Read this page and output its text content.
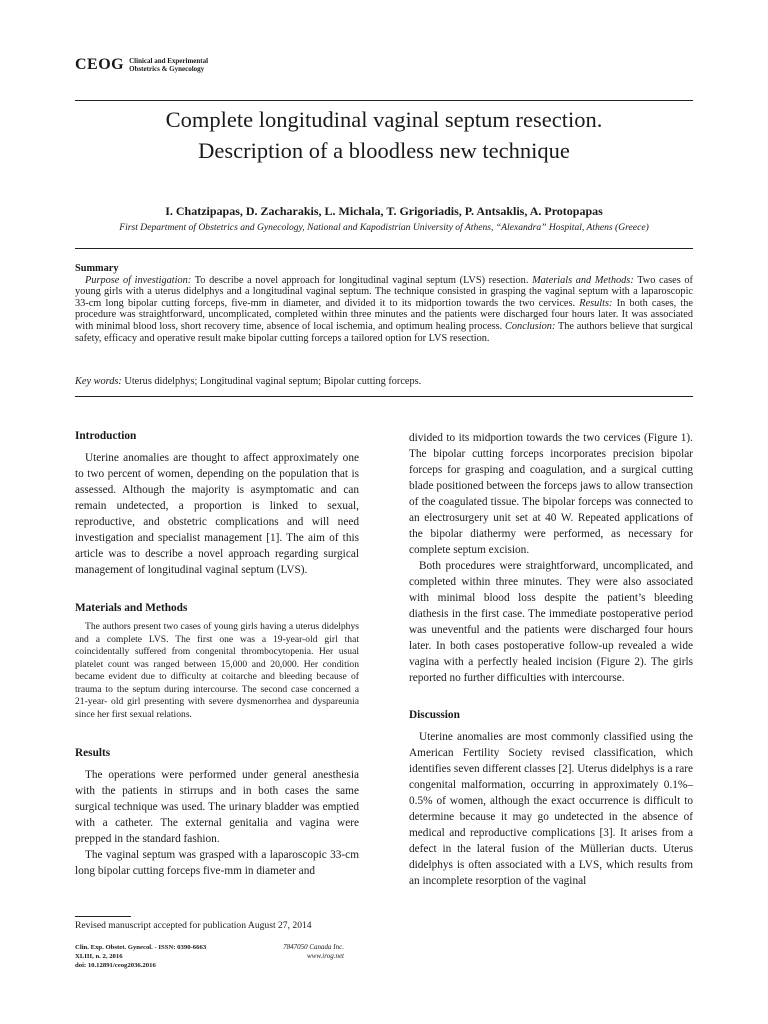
CEOG Clinical and Experimental
Obstetrics & Gynecology
Complete longitudinal vaginal septum resection.
Description of a bloodless new technique
I. Chatzipapas, D. Zacharakis, L. Michala, T. Grigoriadis, P. Antsaklis, A. Protopapas
First Department of Obstetrics and Gynecology, National and Kapodistrian University of Athens, “Alexandra” Hospital, Athens (Greece)
Summary

Purpose of investigation: To describe a novel approach for longitudinal vaginal septum (LVS) resection. Materials and Methods: Two cases of young girls with a uterus didelphys and a longitudinal vaginal septum. The technique consisted in grasping the vaginal septum with a laparoscopic 33-cm long bipolar cutting forceps, five-mm in diameter, and divided it to its midportion towards the two cervices. Results: In both cases, the procedure was straightforward, uncomplicated, completed within three minutes and the patients were discharged four hours later. It was associated with minimal blood loss, short recovery time, absence of local ischemia, and optimum healing process. Conclusion: The authors believe that surgical safety, efficacy and operative result make bipolar cutting forceps a tailored option for LVS resection.

Key words: Uterus didelphys; Longitudinal vaginal septum; Bipolar cutting forceps.
Introduction

Uterine anomalies are thought to affect approximately one to two percent of women, depending on the population that is assessed. Although the majority is asymptomatic and can remain undetected, a proportion is linked to sexual, reproductive, and obstetric complications and will need investigation and specialist management [1]. The aim of this article was to describe a novel approach regarding surgical management of longitudinal vaginal septum (LVS).

Materials and Methods

The authors present two cases of young girls having a uterus didelphys and a complete LVS. The first one was a 19-year-old girl that coincidentally suffered from congenital thrombocytopenia. Her usual platelet count was ranged between 15,000 and 20,000. Her condition became evident due to difficulty at coitarche and bleeding because of trauma to the septum during intercourse. The second case concerned a 21-year- old girl presenting with severe dysmenorrhea and dyspareunia since her first sexual relations.

Results

The operations were performed under general anesthesia with the patients in stirrups and in both cases the same surgical technique was used. The urinary bladder was emptied with a catheter. The external genitalia and vagina were prepped in the standard fashion.

The vaginal septum was grasped with a laparoscopic 33-cm long bipolar cutting forceps five-mm in diameter and

divided to its midportion towards the two cervices (Figure 1). The bipolar cutting forceps incorporates precision bipolar forceps for grasping and coagulation, and a surgical cutting blade positioned between the forceps jaws to allow transection of the coagulated tissue. The bipolar forceps was connected to an electrosurgery unit set at 40 W. Repeated applications of the bipolar diathermy were performed, as necessary for complete septum excision.

Both procedures were straightforward, uncomplicated, and completed within three minutes. They were also associated with minimal blood loss despite the patient’s bleeding diathesis in the first case. The immediate postoperative period was uneventful and the patients were discharged four hours later. In both cases postoperative follow-up revealed a wide vagina with a perfectly healed incision (Figure 2). The girls reported no further difficulties with intercourse.

Discussion

Uterine anomalies are most commonly classified using the American Fertility Society revised classification, which identifies seven different classes [2]. Uterus didelphys is a rare congenital malformation, occurring in approximately 0.1%–0.5% of women, although the exact occurrence is difficult to determine because it may go undetected in the absence of medical and reproductive complications [3]. It arises from a defect in the lateral fusion of the Müllerian ducts. Uterus didelphys is often associated with a LVS, which results from an incomplete resorption of the vaginal

Revised manuscript accepted for publication August 27, 2014
Clin. Exp. Obstet. Gynecol. - ISSN: 0390-6663
XLIII, n. 2, 2016
doi: 10.12891/ceog2036.2016
7847050 Canada Inc.
www.irog.net
